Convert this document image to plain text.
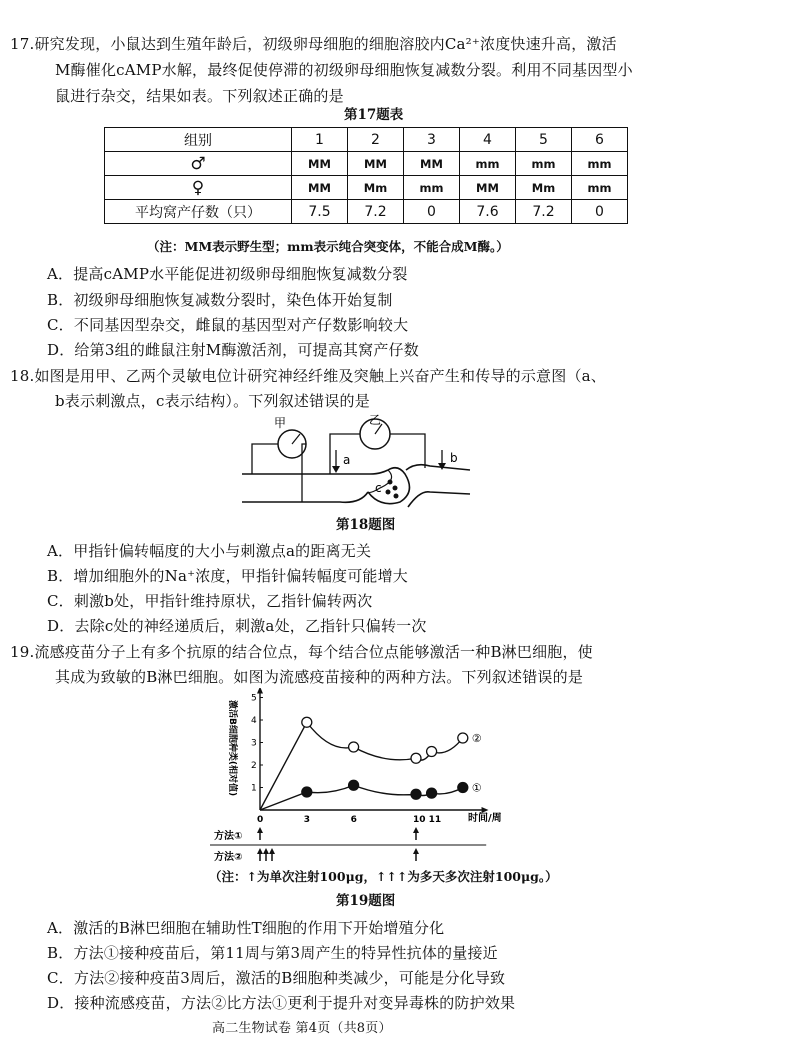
17.研究发现，小鼠达到生殖年龄后，初级卵母细胞的细胞溶胶内Ca²⁺浓度快速升高，激活
M酶催化cAMP水解，最终促使停滞的初级卵母细胞恢复减数分裂。利用不同基因型小
鼠进行杂交，结果如表。下列叙述正确的是
第17题表
组别	1	2	3	4	5	6
♂	MM	MM	MM	mm	mm	mm
♀	MM	Mm	mm	MM	Mm	mm
平均窝产仔数（只）	7.5	7.2	0	7.6	7.2	0
（注：MM表示野生型；mm表示纯合突变体，不能合成M酶。）
A．提高cAMP水平能促进初级卵母细胞恢复减数分裂
B．初级卵母细胞恢复减数分裂时，染色体开始复制
C．不同基因型杂交，雌鼠的基因型对产仔数影响较大
D．给第3组的雌鼠注射M酶激活剂，可提高其窝产仔数
18.如图是用甲、乙两个灵敏电位计研究神经纤维及突触上兴奋产生和传导的示意图（a、
b表示刺激点，c表示结构）。下列叙述错误的是
甲	乙
a	b
c
第18题图
A．甲指针偏转幅度的大小与刺激点a的距离无关
B．增加细胞外的Na⁺浓度，甲指针偏转幅度可能增大
C．刺激b处，甲指针维持原状，乙指针偏转两次
D．去除c处的神经递质后，刺激a处，乙指针只偏转一次
19.流感疫苗分子上有多个抗原的结合位点，每个结合位点能够激活一种B淋巴细胞，使
其成为致敏的B淋巴细胞。如图为流感疫苗接种的两种方法。下列叙述错误的是
1
2
3
4
5
0	3	6	10 11
激活B细胞种类(相对值)
时间/周
方法①
方法②
②
①
（注：↑为单次注射100μg，↑↑↑为多天多次注射100μg。）
第19题图
A．激活的B淋巴细胞在辅助性T细胞的作用下开始增殖分化
B．方法①接种疫苗后，第11周与第3周产生的特异性抗体的量接近
C．方法②接种疫苗3周后，激活的B细胞种类减少，可能是分化导致
D．接种流感疫苗，方法②比方法①更利于提升对变异毒株的防护效果
高二生物试卷 第4页（共8页）
